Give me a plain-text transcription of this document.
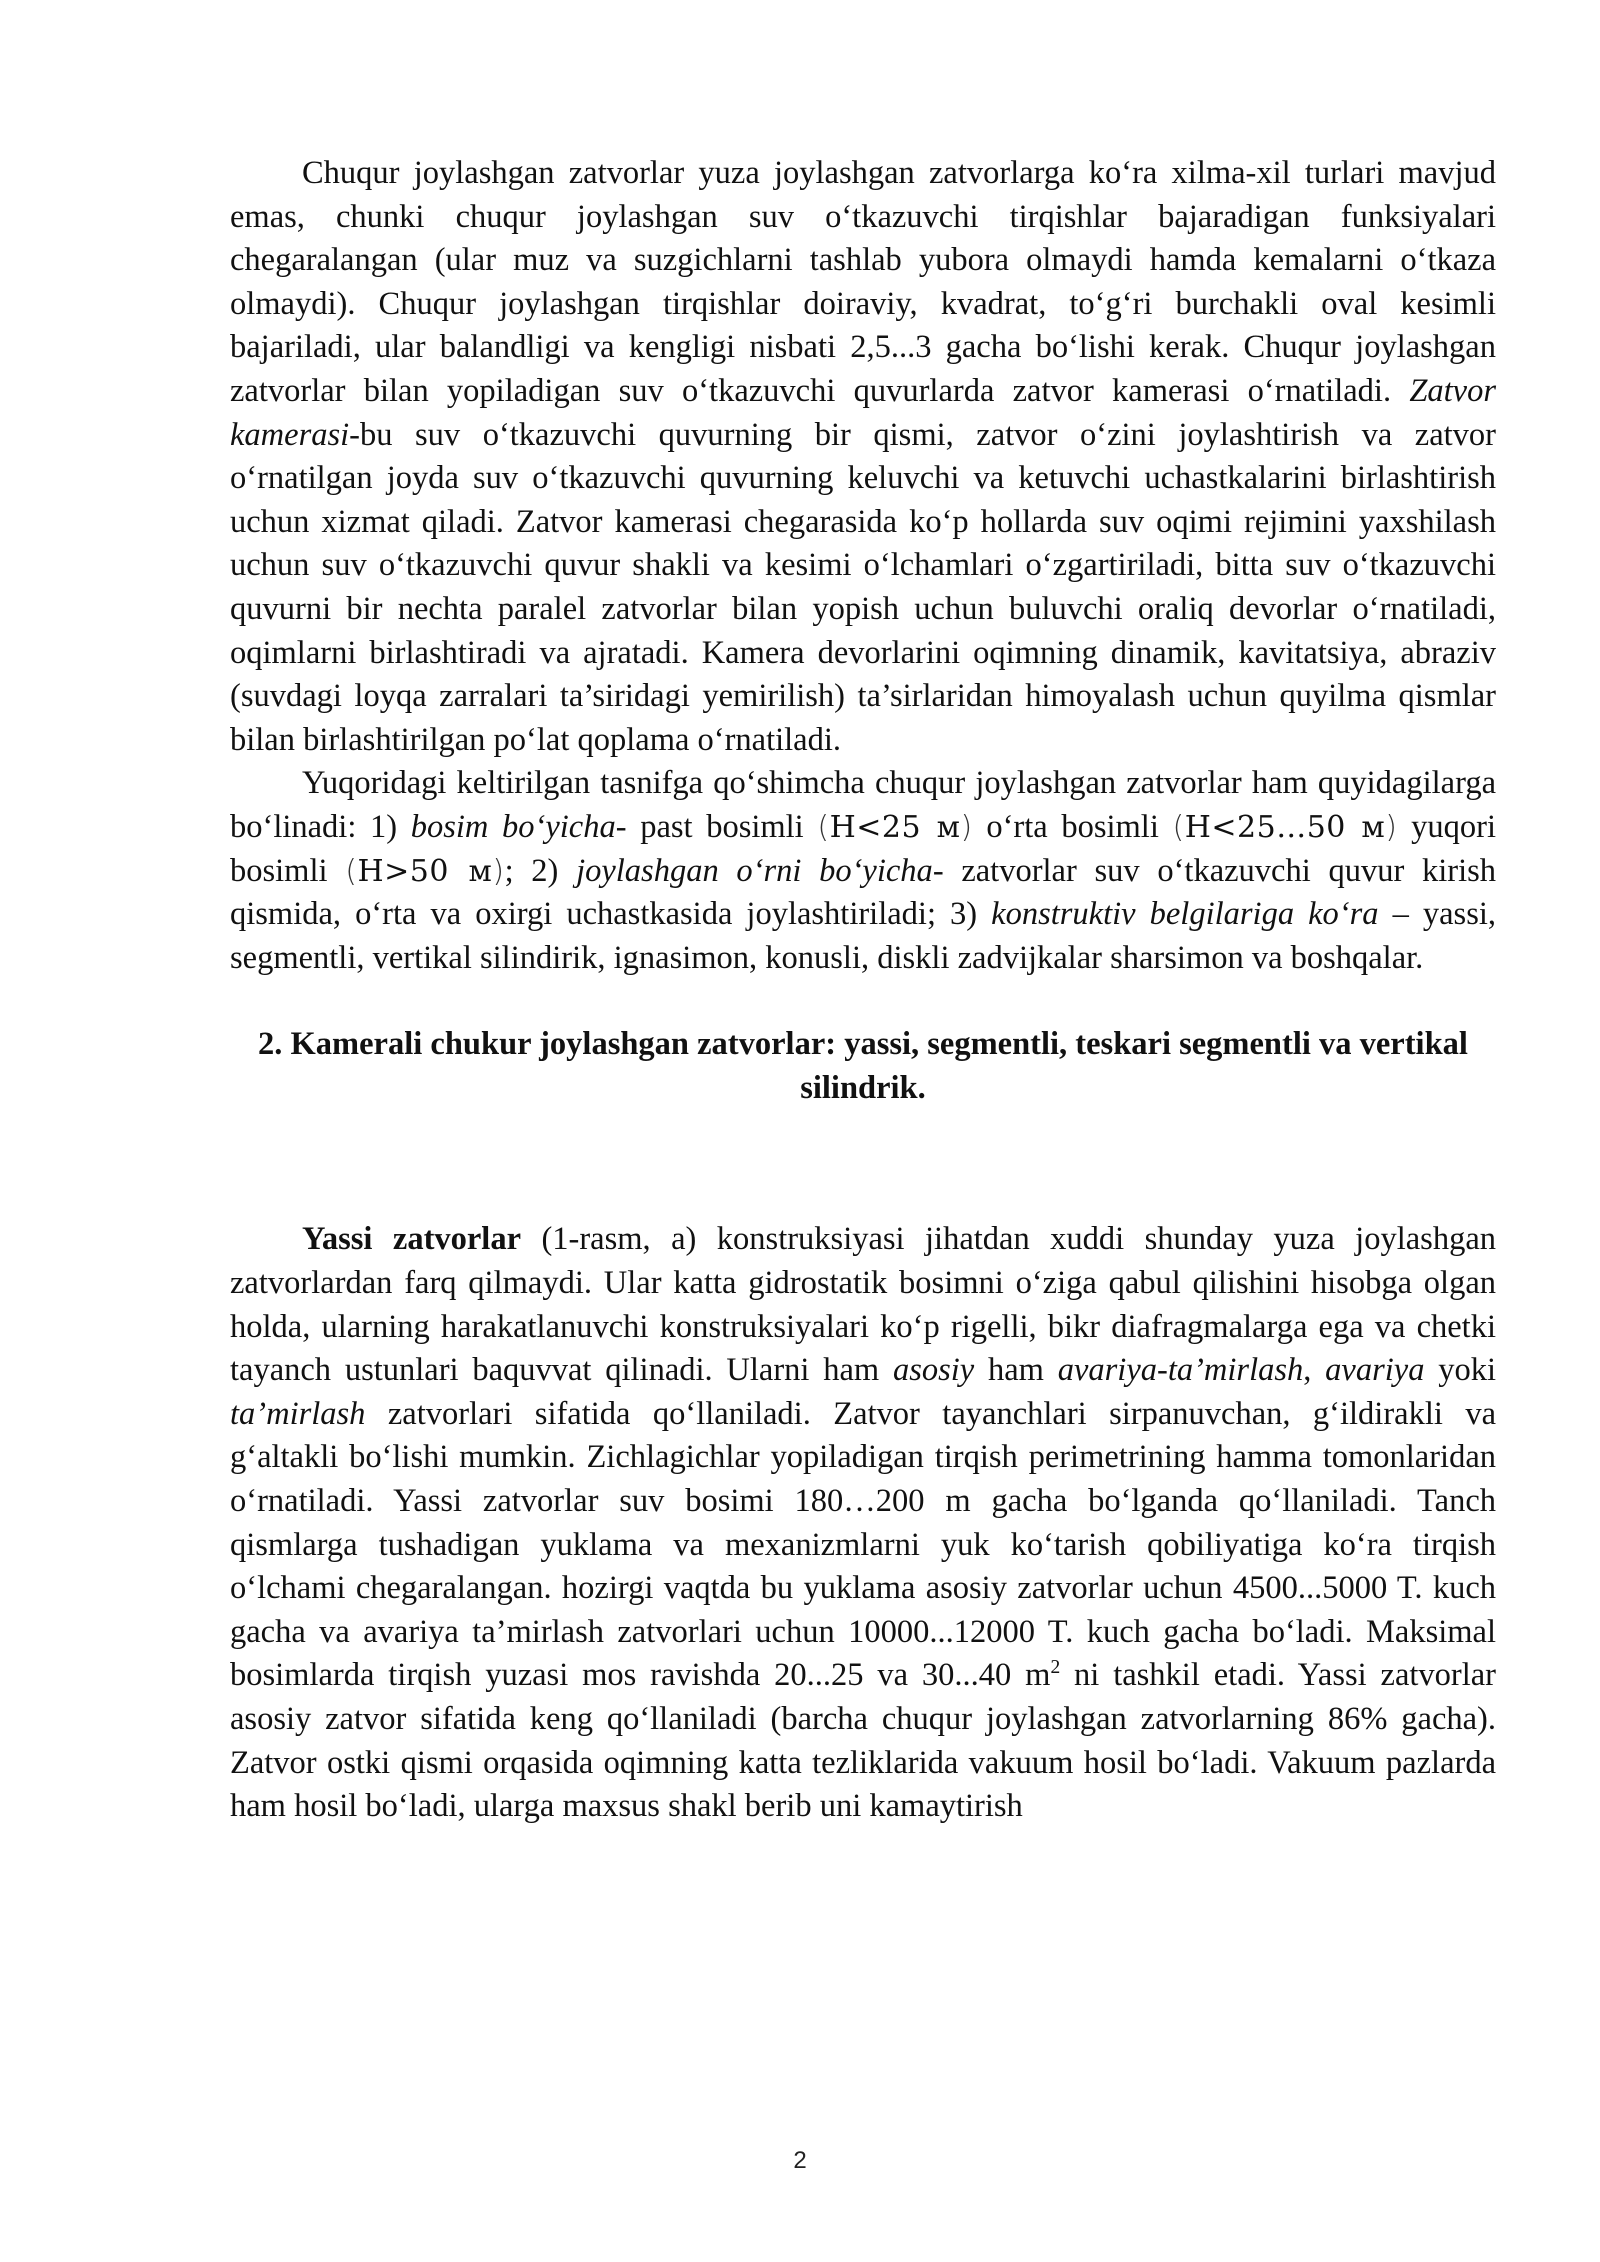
Chuqur joylashgan zatvorlar yuza joylashgan zatvorlarga ko‘ra xilma-xil turlari mavjud emas, chunki chuqur joylashgan suv o‘tkazuvchi tirqishlar bajaradigan funksiyalari chegaralangan (ular muz va suzgichlarni tashlab yubora olmaydi hamda kemalarni o‘tkaza olmaydi). Chuqur joylashgan tirqishlar doiraviy, kvadrat, to‘g‘ri burchakli oval kesimli bajariladi, ular balandligi va kengligi nisbati 2,5...3 gacha bo‘lishi kerak. Chuqur joylashgan zatvorlar bilan yopiladigan suv o‘tkazuvchi quvurlarda zatvor kamerasi o‘rnatiladi. Zatvor kamerasi-bu suv o‘tkazuvchi quvurning bir qismi, zatvor o‘zini joylashtirish va zatvor o‘rnatilgan joyda suv o‘tkazuvchi quvurning keluvchi va ketuvchi uchastkalarini birlashtirish uchun xizmat qiladi. Zatvor kamerasi chegarasida ko‘p hollarda suv oqimi rejimini yaxshilash uchun suv o‘tkazuvchi quvur shakli va kesimi o‘lchamlari o‘zgartiriladi, bitta suv o‘tkazuvchi quvurni bir nechta paralel zatvorlar bilan yopish uchun buluvchi oraliq devorlar o‘rnatiladi, oqimlarni birlashtiradi va ajratadi. Kamera devorlarini oqimning dinamik, kavitatsiya, abraziv (suvdagi loyqa zarralari ta’siridagi yemirilish) ta’sirlaridan himoyalash uchun quyilma qismlar bilan birlashtirilgan po‘lat qoplama o‘rnatiladi.

Yuqoridagi keltirilgan tasnifga qo‘shimcha chuqur joylashgan zatvorlar ham quyidagilarga bo‘linadi: 1) bosim bo‘yicha- past bosimli (H<25 м) o‘rta bosimli (H<25…50 м) yuqori bosimli (H>50 м); 2) joylashgan o‘rni bo‘yicha- zatvorlar suv o‘tkazuvchi quvur kirish qismida, o‘rta va oxirgi uchastkasida joylashtiriladi; 3) konstruktiv belgilariga ko‘ra – yassi, segmentli, vertikal silindirik, ignasimon, konusli, diskli zadvijkalar sharsimon va boshqalar.

2. Kamerali chukur joylashgan zatvorlar: yassi, segmentli, teskari segmentli va vertikal silindrik.

Yassi zatvorlar (1-rasm, a) konstruksiyasi jihatdan xuddi shunday yuza joylashgan zatvorlardan farq qilmaydi. Ular katta gidrostatik bosimni o‘ziga qabul qilishini hisobga olgan holda, ularning harakatlanuvchi konstruksiyalari ko‘p rigelli, bikr diafragmalarga ega va chetki tayanch ustunlari baquvvat qilinadi. Ularni ham asosiy ham avariya-ta’mirlash, avariya yoki ta’mirlash zatvorlari sifatida qo‘llaniladi. Zatvor tayanchlari sirpanuvchan, g‘ildirakli va g‘altakli bo‘lishi mumkin. Zichlagichlar yopiladigan tirqish perimetrining hamma tomonlaridan o‘rnatiladi. Yassi zatvorlar suv bosimi 180…200 m gacha bo‘lganda qo‘llaniladi. Tanch qismlarga tushadigan yuklama va mexanizmlarni yuk ko‘tarish qobiliyatiga ko‘ra tirqish o‘lchami chegaralangan. hozirgi vaqtda bu yuklama asosiy zatvorlar uchun 4500...5000 T. kuch gacha va avariya ta’mirlash zatvorlari uchun 10000...12000 T. kuch gacha bo‘ladi. Maksimal bosimlarda tirqish yuzasi mos ravishda 20...25 va 30...40 $m^2$ ni tashkil etadi. Yassi zatvorlar asosiy zatvor sifatida keng qo‘llaniladi (barcha chuqur joylashgan zatvorlarning 86% gacha). Zatvor ostki qismi orqasida oqimning katta tezliklarida vakuum hosil bo‘ladi. Vakuum pazlarda ham hosil bo‘ladi, ularga maxsus shakl berib uni kamaytirish

2
